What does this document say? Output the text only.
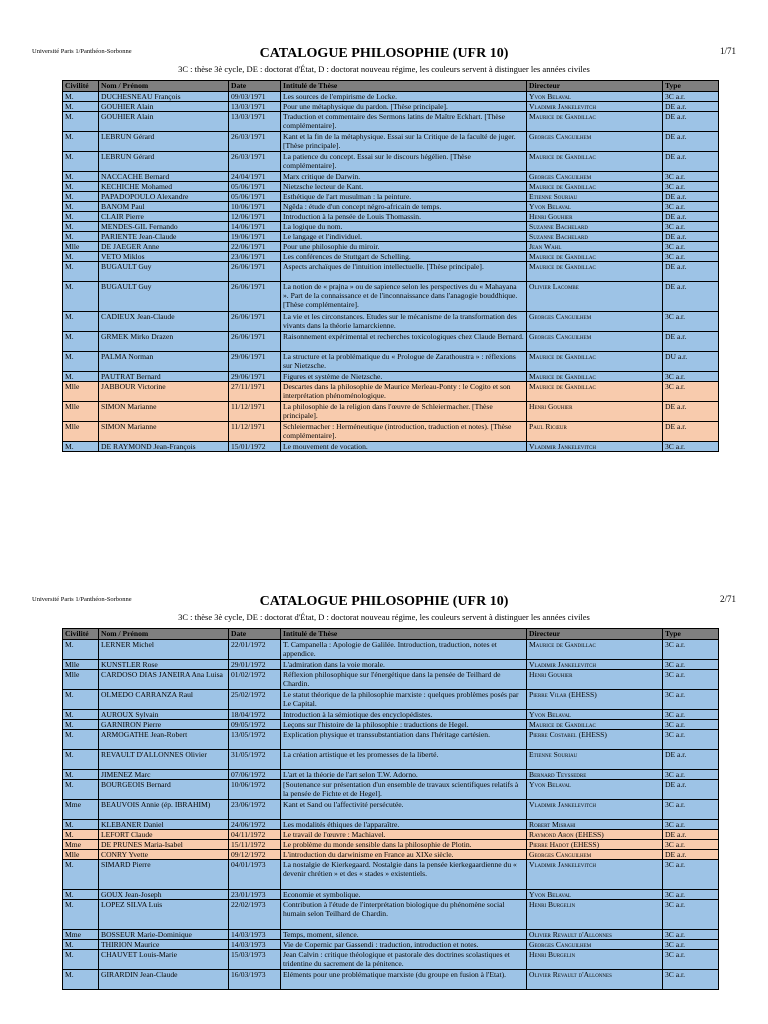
Université Paris 1/Panthéon-Sorbonne	CATALOGUE PHILOSOPHIE (UFR 10)	1/71
3C : thèse 3è cycle, DE : doctorat d'État, D : doctorat nouveau régime, les couleurs servent à distinguer les années civiles
Civilité	Nom / Prénom	Date	Intitulé de Thèse	Directeur	Type
M.	DUCHESNEAU François	09/03/1971	Les sources de l'empirisme de Locke.	Yvon Belaval	3C a.r.
M.	GOUHIER Alain	13/03/1971	Pour une métaphysique du pardon. [Thèse principale].	Vladimir Jankelevitch	DE a.r.
M.	GOUHIER Alain	13/03/1971	Traduction et commentaire des Sermons latins de Maître Eckhart. [Thèse complémentaire].	Maurice de Gandillac	DE a.r.
M.	LEBRUN Gérard	26/03/1971	Kant et la fin de la métaphysique. Essai sur la Critique de la faculté de juger. [Thèse principale].	Georges Canguilhem	DE a.r.
M.	LEBRUN Gérard	26/03/1971	La patience du concept. Essai sur le discours hégélien. [Thèse complémentaire].	Maurice de Gandillac	DE a.r.
M.	NACCACHE Bernard	24/04/1971	Marx critique de Darwin.	Georges Canguilhem	3C a.r.
M.	KECHICHE Mohamed	05/06/1971	Nietzsche lecteur de Kant.	Maurice de Gandillac	3C a.r.
M.	PAPADOPOULO Alexandre	05/06/1971	Esthétique de l'art musulman : la peinture.	Etienne Souriau	DE a.r.
M.	BANOM Paul	10/06/1971	Ngêda : étude d'un concept négro-africain de temps.	Yvon Belaval	3C a.r.
M.	CLAIR Pierre	12/06/1971	Introduction à la pensée de Louis Thomassin.	Henri Gouhier	DE a.r.
M.	MENDES-GIL Fernando	14/06/1971	La logique du nom.	Suzanne Bachelard	3C a.r.
M.	PARIENTE Jean-Claude	19/06/1971	Le langage et l'individuel.	Suzanne Bachelard	DE a.r.
Mlle	DE JAEGER Anne	22/06/1971	Pour une philosophie du miroir.	Jean Wahl	3C a.r.
M.	VETO Miklos	23/06/1971	Les conférences de Stuttgart de Schelling.	Maurice de Gandillac	3C a.r.
M.	BUGAULT Guy	26/06/1971	Aspects archaïques de l'intuition intellectuelle. [Thèse principale].	Maurice de Gandillac	DE a.r.
M.	BUGAULT Guy	26/06/1971	La notion de « prajna » ou de sapience selon les perspectives du « Mahayana ». Part de la connaissance et de l'inconnaissance dans l'anagogie bouddhique. [Thèse complémentaire].	Olivier Lacombe	DE a.r.
M.	CADIEUX Jean-Claude	26/06/1971	La vie et les circonstances. Etudes sur le mécanisme de la transformation des vivants dans la théorie lamarckienne.	Georges Canguilhem	3C a.r.
M.	GRMEK Mirko Drazen	26/06/1971	Raisonnement expérimental et recherches toxicologiques chez Claude Bernard.	Georges Canguilhem	DE a.r.
M.	PALMA Norman	29/06/1971	La structure et la problématique du « Prologue de Zarathoustra » : réflexions sur Nietzsche.	Maurice de Gandillac	DU a.r.
M.	PAUTRAT Bernard	29/06/1971	Figures et système de Nietzsche.	Maurice de Gandillac	3C a.r.
Mlle	JABBOUR Victorine	27/11/1971	Descartes dans la philosophie de Maurice Merleau-Ponty : le Cogito et son interprétation phénoménologique.	Maurice de Gandillac	3C a.r.
Mlle	SIMON Marianne	11/12/1971	La philosophie de la religion dans l'œuvre de Schleiermacher. [Thèse principale].	Henri Gouhier	DE a.r.
Mlle	SIMON Marianne	11/12/1971	Schleiermacher : Herméneutique (introduction, traduction et notes). [Thèse complémentaire].	Paul Ricœur	DE a.r.
M.	DE RAYMOND Jean-François	15/01/1972	Le mouvement de vocation.	Vladimir Jankelevitch	3C a.r.
Université Paris 1/Panthéon-Sorbonne	CATALOGUE PHILOSOPHIE (UFR 10)	2/71
3C : thèse 3è cycle, DE : doctorat d'État, D : doctorat nouveau régime, les couleurs servent à distinguer les années civiles
Civilité	Nom / Prénom	Date	Intitulé de Thèse	Directeur	Type
M.	LERNER Michel	22/01/1972	T. Campanella : Apologie de Galilée. Introduction, traduction, notes et appendice.	Maurice de Gandillac	3C a.r.
Mlle	KUNSTLER Rose	29/01/1972	L'admiration dans la voie morale.	Vladimir Jankelevitch	3C a.r.
Mlle	CARDOSO DIAS JANEIRA Ana Luisa	01/02/1972	Réflexion philosophique sur l'énergétique dans la pensée de Teilhard de Chardin.	Henri Gouhier	3C a.r.
M.	OLMEDO CARRANZA Raul	25/02/1972	Le statut théorique de la philosophie marxiste : quelques problèmes posés par Le Capital.	Pierre Vilar (EHESS)	3C a.r.
M.	AUROUX Sylvain	18/04/1972	Introduction à la sémiotique des encyclopédistes.	Yvon Belaval	3C a.r.
M.	GARNIRON Pierre	09/05/1972	Leçons sur l'histoire de la philosophie : traductions de Hegel.	Maurice de Gandillac	3C a.r.
M.	ARMOGATHE Jean-Robert	13/05/1972	Explication physique et transsubstantiation dans l'héritage cartésien.	Pierre Costabel (EHESS)	3C a.r.
M.	REVAULT D'ALLONNES Olivier	31/05/1972	La création artistique et les promesses de la liberté.	Etienne Souriau	DE a.r.
M.	JIMENEZ Marc	07/06/1972	L'art et la théorie de l'art selon T.W. Adorno.	Bernard Teyssedre	3C a.r.
M.	BOURGEOIS Bernard	10/06/1972	[Soutenance sur présentation d'un ensemble de travaux scientifiques relatifs à la pensée de Fichte et de Hegel].	Yvon Belaval	DE a.r.
Mme	BEAUVOIS Annie (ép. IBRAHIM)	23/06/1972	Kant et Sand ou l'affectivité persécutée.	Vladimir Jankelevitch	3C a.r.
M.	KLEBANER Daniel	24/06/1972	Les modalités éthiques de l'apparaître.	Robert Misrahi	3C a.r.
M.	LEFORT Claude	04/11/1972	Le travail de l'œuvre : Machiavel.	Raymond Aron (EHESS)	DE a.r.
Mme	DE PRUNES Maria-Isabel	15/11/1972	Le problème du monde sensible dans la philosophie de Plotin.	Pierre Hadot (EHESS)	3C a.r.
Mlle	CONRY Yvette	09/12/1972	L'introduction du darwinisme en France au XIXe siècle.	Georges Canguilhem	DE a.r.
M.	SIMARD Pierre	04/01/1973	La nostalgie de Kierkegaard. Nostalgie dans la pensée kierkegaardienne du « devenir chrétien » et des « stades » existentiels.	Vladimir Jankelevitch	3C a.r.
M.	GOUX Jean-Joseph	23/01/1973	Economie et symbolique.	Yvon Belaval	3C a.r.
M.	LOPEZ SILVA Luis	22/02/1973	Contribution à l'étude de l'interprétation biologique du phénomène social humain selon Teilhard de Chardin.	Henri Burgelin	3C a.r.
Mme	BOSSEUR Marie-Dominique	14/03/1973	Temps, moment, silence.	Olivier Revault d'Allonnes	3C a.r.
M.	THIRION Maurice	14/03/1973	Vie de Copernic par Gassendi : traduction, introduction et notes.	Georges Canguilhem	3C a.r.
M.	CHAUVET Louis-Marie	15/03/1973	Jean Calvin : critique théologique et pastorale des doctrines scolastiques et tridentine du sacrement de la pénitence.	Henri Burgelin	3C a.r.
M.	GIRARDIN Jean-Claude	16/03/1973	Eléments pour une problématique marxiste (du groupe en fusion à l'Etat).	Olivier Revault d'Allonnes	3C a.r.
